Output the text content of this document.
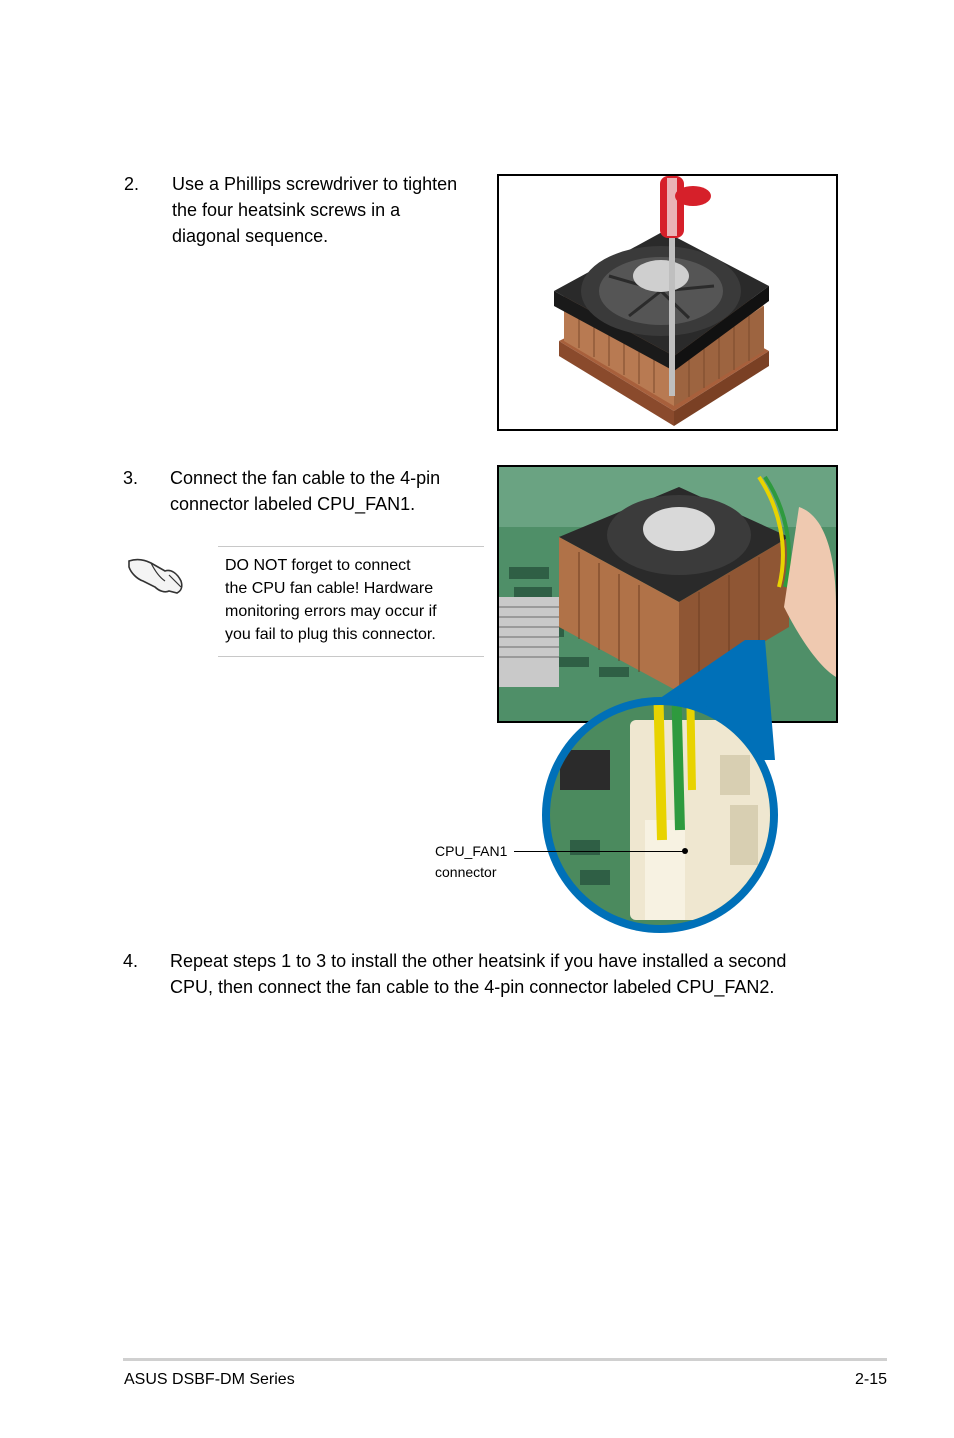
2. Use a Phillips screwdriver to tighten
the four heatsink screws in a
diagonal sequence.
3. Connect the fan cable to the 4-pin
connector labeled CPU_FAN1.
DO NOT forget to connect
the CPU fan cable! Hardware
monitoring errors may occur if
you fail to plug this connector.
CPU_FAN1
connector
4. Repeat steps 1 to 3 to install the other heatsink if you have installed a second
CPU, then connect the fan cable to the 4-pin connector labeled CPU_FAN2.
ASUS DSBF-DM Series	2-15
